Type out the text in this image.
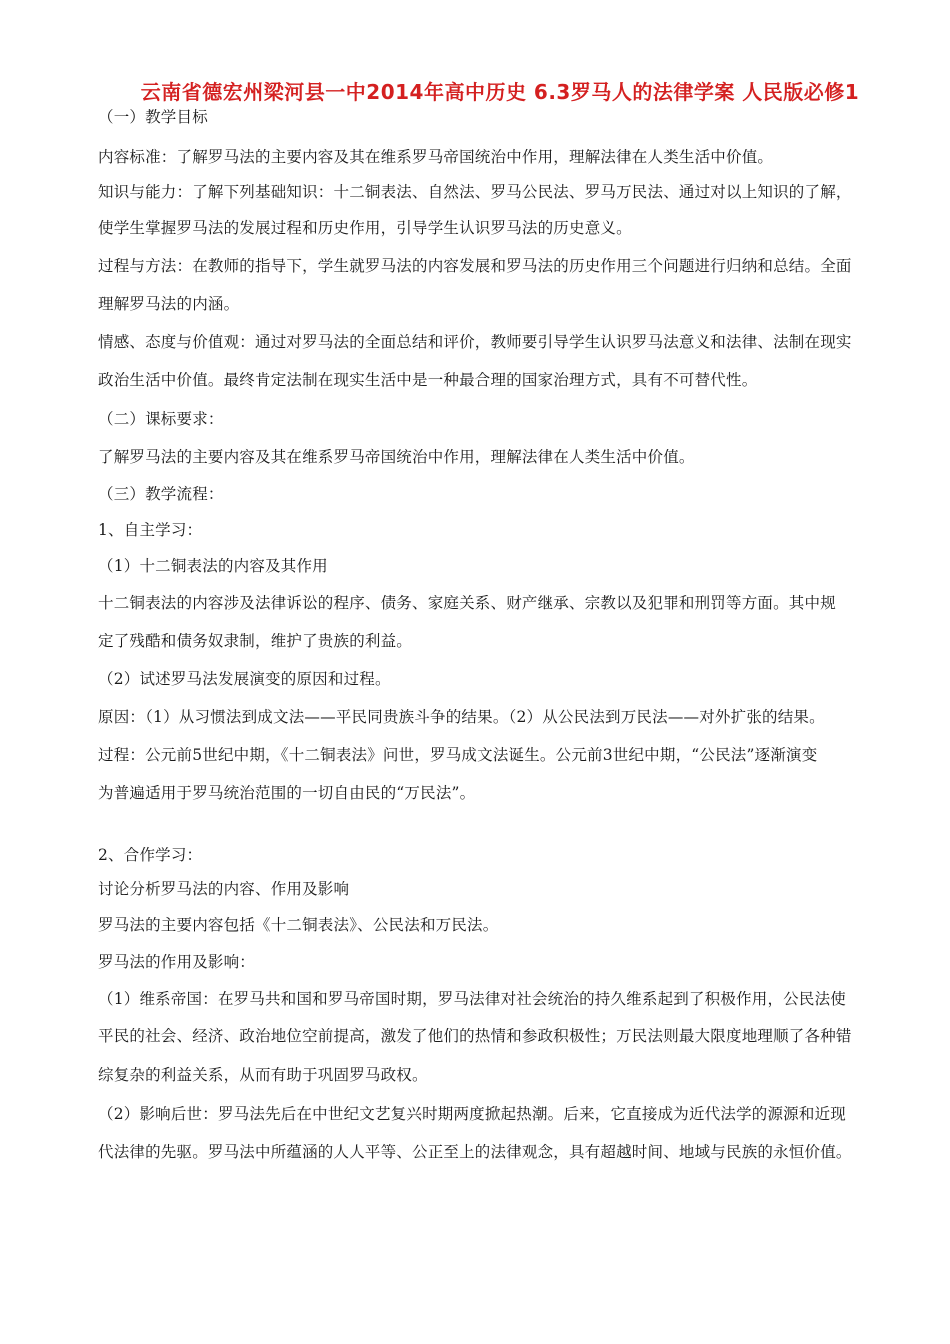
云南省德宏州梁河县一中2014年高中历史 6.3罗马人的法律学案 人民版必修1
（一）教学目标
内容标准：了解罗马法的主要内容及其在维系罗马帝国统治中作用，理解法律在人类生活中价值。
知识与能力：了解下列基础知识：十二铜表法、自然法、罗马公民法、罗马万民法、通过对以上知识的了解，
使学生掌握罗马法的发展过程和历史作用，引导学生认识罗马法的历史意义。
过程与方法：在教师的指导下，学生就罗马法的内容发展和罗马法的历史作用三个问题进行归纳和总结。全面
理解罗马法的内涵。
情感、态度与价值观：通过对罗马法的全面总结和评价，教师要引导学生认识罗马法意义和法律、法制在现实
政治生活中价值。最终肯定法制在现实生活中是一种最合理的国家治理方式，具有不可替代性。
（二）课标要求：
了解罗马法的主要内容及其在维系罗马帝国统治中作用，理解法律在人类生活中价值。
（三）教学流程：
1、自主学习：
（1）十二铜表法的内容及其作用
十二铜表法的内容涉及法律诉讼的程序、债务、家庭关系、财产继承、宗教以及犯罪和刑罚等方面。其中规
定了残酷和债务奴隶制，维护了贵族的利益。
（2）试述罗马法发展演变的原因和过程。
原因：（1）从习惯法到成文法——平民同贵族斗争的结果。（2）从公民法到万民法——对外扩张的结果。
过程：公元前5世纪中期，《十二铜表法》问世，罗马成文法诞生。公元前3世纪中期，“公民法”逐渐演变
为普遍适用于罗马统治范围的一切自由民的“万民法”。
2、合作学习：
讨论分析罗马法的内容、作用及影响
罗马法的主要内容包括《十二铜表法》、公民法和万民法。
罗马法的作用及影响：
（1）维系帝国：在罗马共和国和罗马帝国时期，罗马法律对社会统治的持久维系起到了积极作用，公民法使
平民的社会、经济、政治地位空前提高，激发了他们的热情和参政积极性；万民法则最大限度地理顺了各种错
综复杂的利益关系，从而有助于巩固罗马政权。
（2）影响后世：罗马法先后在中世纪文艺复兴时期两度掀起热潮。后来，它直接成为近代法学的源源和近现
代法律的先驱。罗马法中所蕴涵的人人平等、公正至上的法律观念，具有超越时间、地域与民族的永恒价值。
